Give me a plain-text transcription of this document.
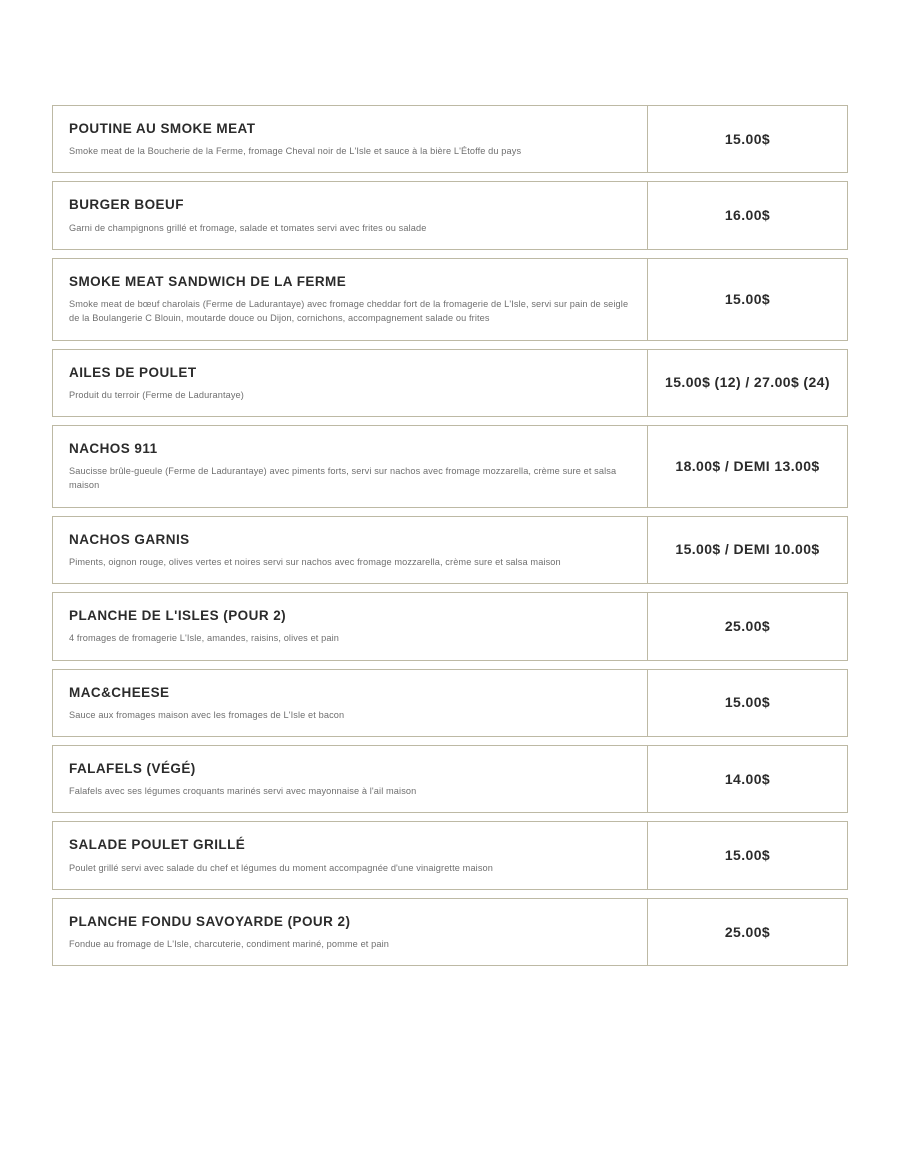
POUTINE AU SMOKE MEAT
Smoke meat de la Boucherie de la Ferme, fromage Cheval noir de L'Isle et sauce à la bière L'Étoffe du pays
15.00$
BURGER BOEUF
Garni de champignons grillé et fromage, salade et tomates servi avec frites ou salade
16.00$
SMOKE MEAT SANDWICH DE LA FERME
Smoke meat de bœuf charolais (Ferme de Ladurantaye) avec fromage cheddar fort de la fromagerie de L'Isle, servi sur pain de seigle de la Boulangerie C Blouin, moutarde douce ou Dijon, cornichons, accompagnement salade ou frites
15.00$
AILES DE POULET
Produit du terroir (Ferme de Ladurantaye)
15.00$ (12) / 27.00$ (24)
NACHOS 911
Saucisse brûle-gueule (Ferme de Ladurantaye) avec piments forts, servi sur nachos avec fromage mozzarella, crème sure et salsa maison
18.00$ / DEMI 13.00$
NACHOS GARNIS
Piments, oignon rouge, olives vertes et noires servi sur nachos avec fromage mozzarella, crème sure et salsa maison
15.00$ / DEMI 10.00$
PLANCHE DE L'ISLES (POUR 2)
4 fromages de fromagerie L'Isle, amandes, raisins, olives et pain
25.00$
MAC&CHEESE
Sauce aux fromages maison avec les fromages de L'Isle et bacon
15.00$
FALAFELS (VÉGÉ)
Falafels avec ses légumes croquants marinés servi avec mayonnaise à l'ail maison
14.00$
SALADE POULET GRILLÉ
Poulet grillé servi avec salade du chef et légumes du moment accompagnée d'une vinaigrette maison
15.00$
PLANCHE FONDU SAVOYARDE (POUR 2)
Fondue au fromage de L'Isle, charcuterie, condiment mariné, pomme et pain
25.00$
